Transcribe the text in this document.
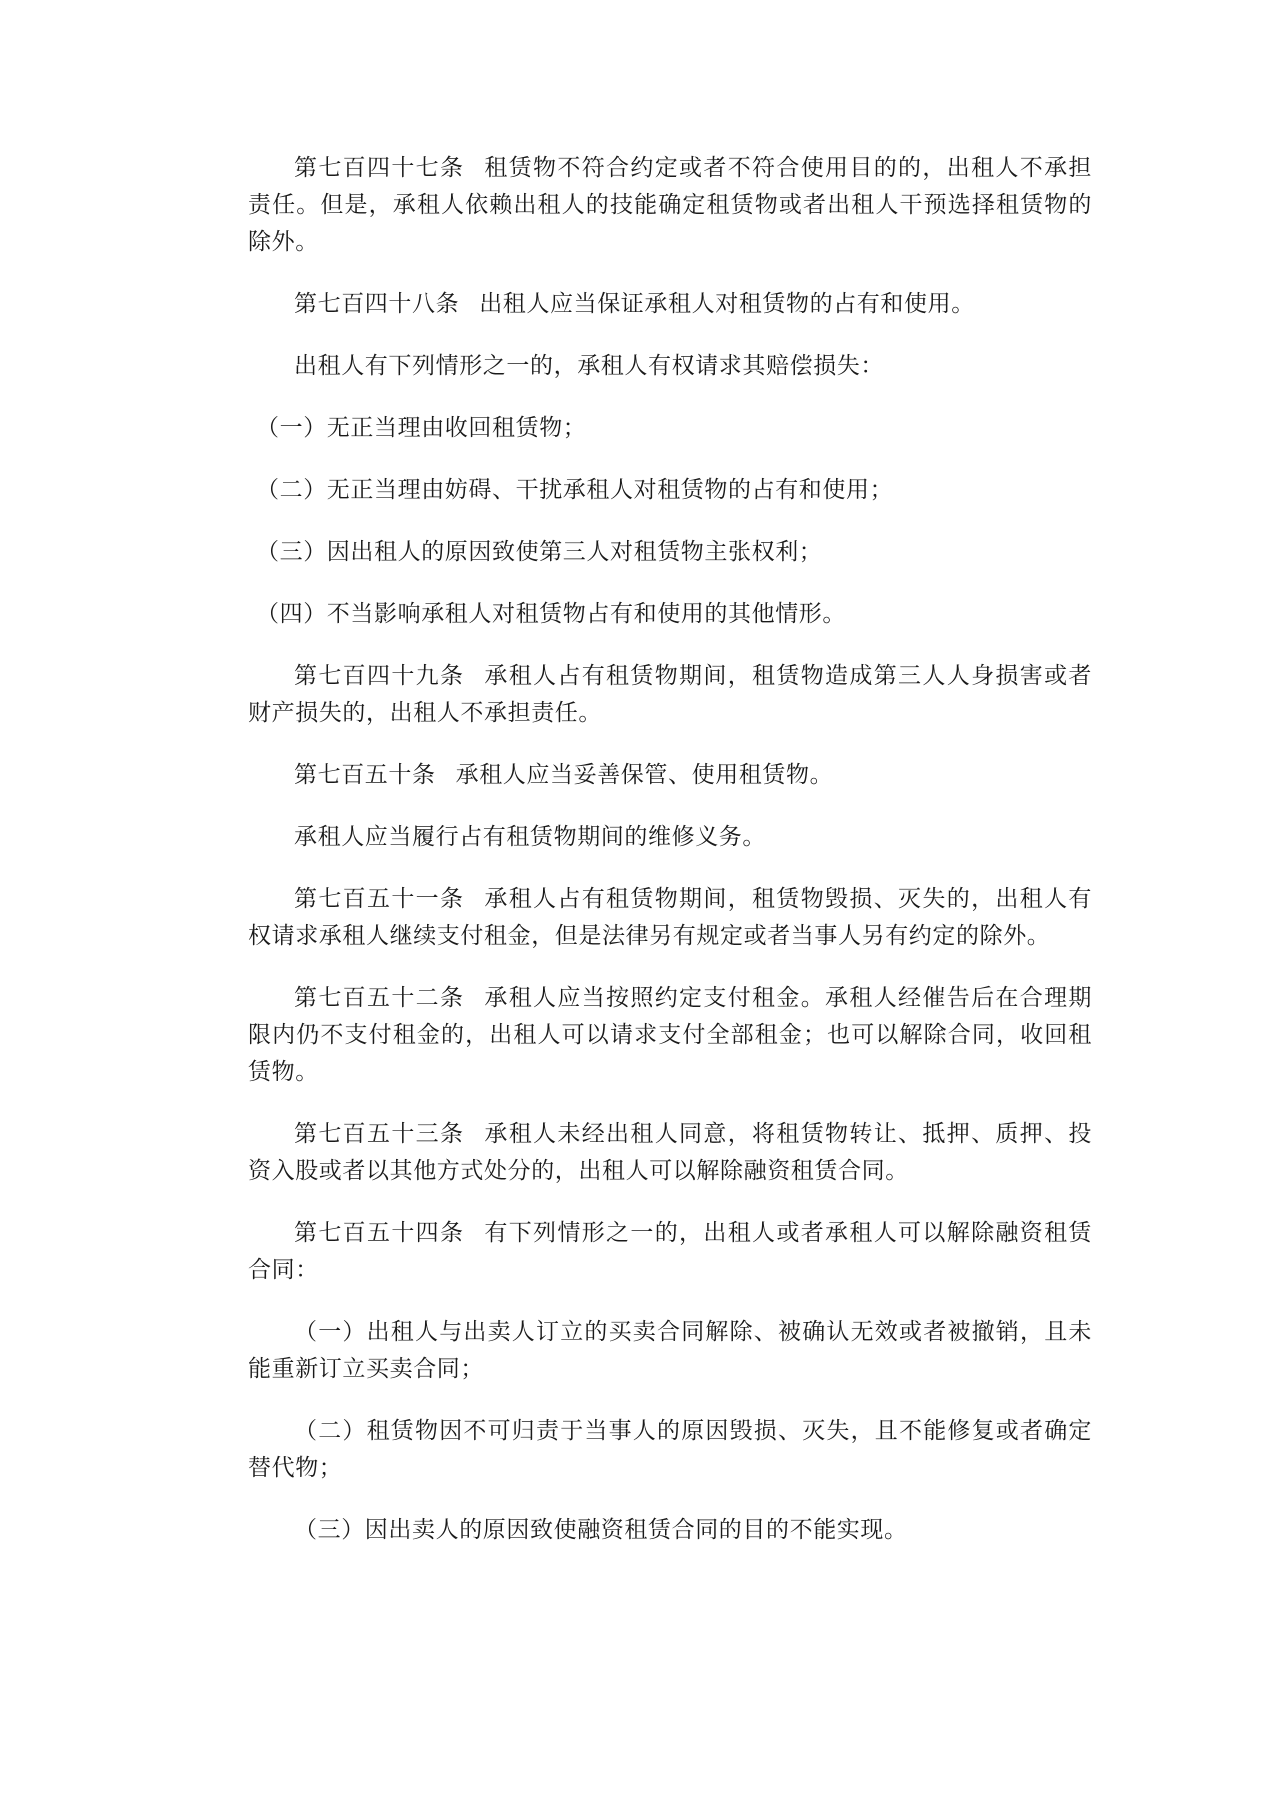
第七百四十七条 租赁物不符合约定或者不符合使用目的的，出租人不承担责任。但是，承租人依赖出租人的技能确定租赁物或者出租人干预选择租赁物的除外。

第七百四十八条 出租人应当保证承租人对租赁物的占有和使用。

出租人有下列情形之一的，承租人有权请求其赔偿损失：

（一）无正当理由收回租赁物；

（二）无正当理由妨碍、干扰承租人对租赁物的占有和使用；

（三）因出租人的原因致使第三人对租赁物主张权利；

（四）不当影响承租人对租赁物占有和使用的其他情形。

第七百四十九条 承租人占有租赁物期间，租赁物造成第三人人身损害或者财产损失的，出租人不承担责任。

第七百五十条 承租人应当妥善保管、使用租赁物。

承租人应当履行占有租赁物期间的维修义务。

第七百五十一条 承租人占有租赁物期间，租赁物毁损、灭失的，出租人有权请求承租人继续支付租金，但是法律另有规定或者当事人另有约定的除外。

第七百五十二条 承租人应当按照约定支付租金。承租人经催告后在合理期限内仍不支付租金的，出租人可以请求支付全部租金；也可以解除合同，收回租赁物。

第七百五十三条 承租人未经出租人同意，将租赁物转让、抵押、质押、投资入股或者以其他方式处分的，出租人可以解除融资租赁合同。

第七百五十四条 有下列情形之一的，出租人或者承租人可以解除融资租赁合同：

（一）出租人与出卖人订立的买卖合同解除、被确认无效或者被撤销，且未能重新订立买卖合同；

（二）租赁物因不可归责于当事人的原因毁损、灭失，且不能修复或者确定替代物；

（三）因出卖人的原因致使融资租赁合同的目的不能实现。
